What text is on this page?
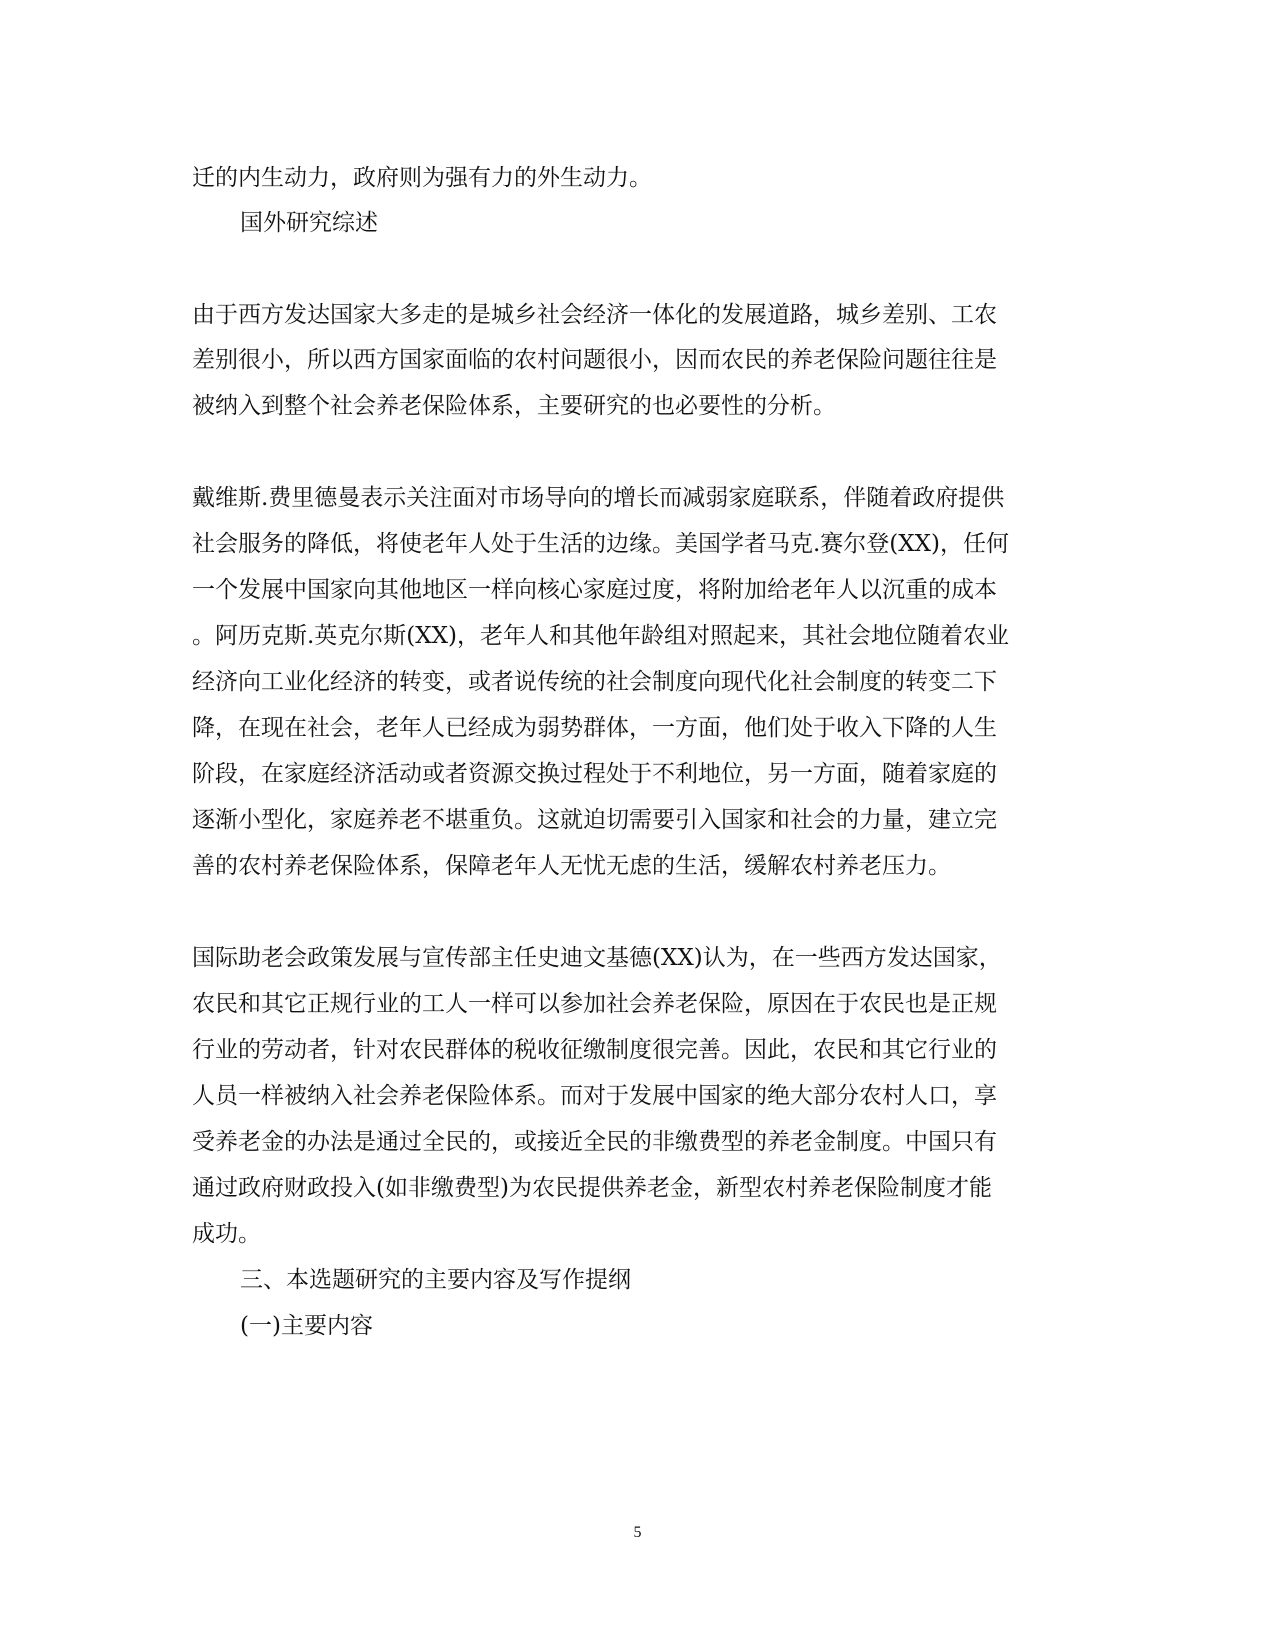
迁的内生动力，政府则为强有力的外生动力。

国外研究综述

由于西方发达国家大多走的是城乡社会经济一体化的发展道路，城乡差别、工农

差别很小，所以西方国家面临的农村问题很小，因而农民的养老保险问题往往是

被纳入到整个社会养老保险体系，主要研究的也必要性的分析。

戴维斯.费里德曼表示关注面对市场导向的增长而减弱家庭联系，伴随着政府提供

社会服务的降低，将使老年人处于生活的边缘。美国学者马克.赛尔登(XX)，任何

一个发展中国家向其他地区一样向核心家庭过度，将附加给老年人以沉重的成本

。阿历克斯.英克尔斯(XX)，老年人和其他年龄组对照起来，其社会地位随着农业

经济向工业化经济的转变，或者说传统的社会制度向现代化社会制度的转变二下

降，在现在社会，老年人已经成为弱势群体，一方面，他们处于收入下降的人生

阶段，在家庭经济活动或者资源交换过程处于不利地位，另一方面，随着家庭的

逐渐小型化，家庭养老不堪重负。这就迫切需要引入国家和社会的力量，建立完

善的农村养老保险体系，保障老年人无忧无虑的生活，缓解农村养老压力。

国际助老会政策发展与宣传部主任史迪文基德(XX)认为，在一些西方发达国家，

农民和其它正规行业的工人一样可以参加社会养老保险，原因在于农民也是正规

行业的劳动者，针对农民群体的税收征缴制度很完善。因此，农民和其它行业的

人员一样被纳入社会养老保险体系。而对于发展中国家的绝大部分农村人口，享

受养老金的办法是通过全民的，或接近全民的非缴费型的养老金制度。中国只有

通过政府财政投入(如非缴费型)为农民提供养老金，新型农村养老保险制度才能

成功。

三、本选题研究的主要内容及写作提纲

(一)主要内容

5
